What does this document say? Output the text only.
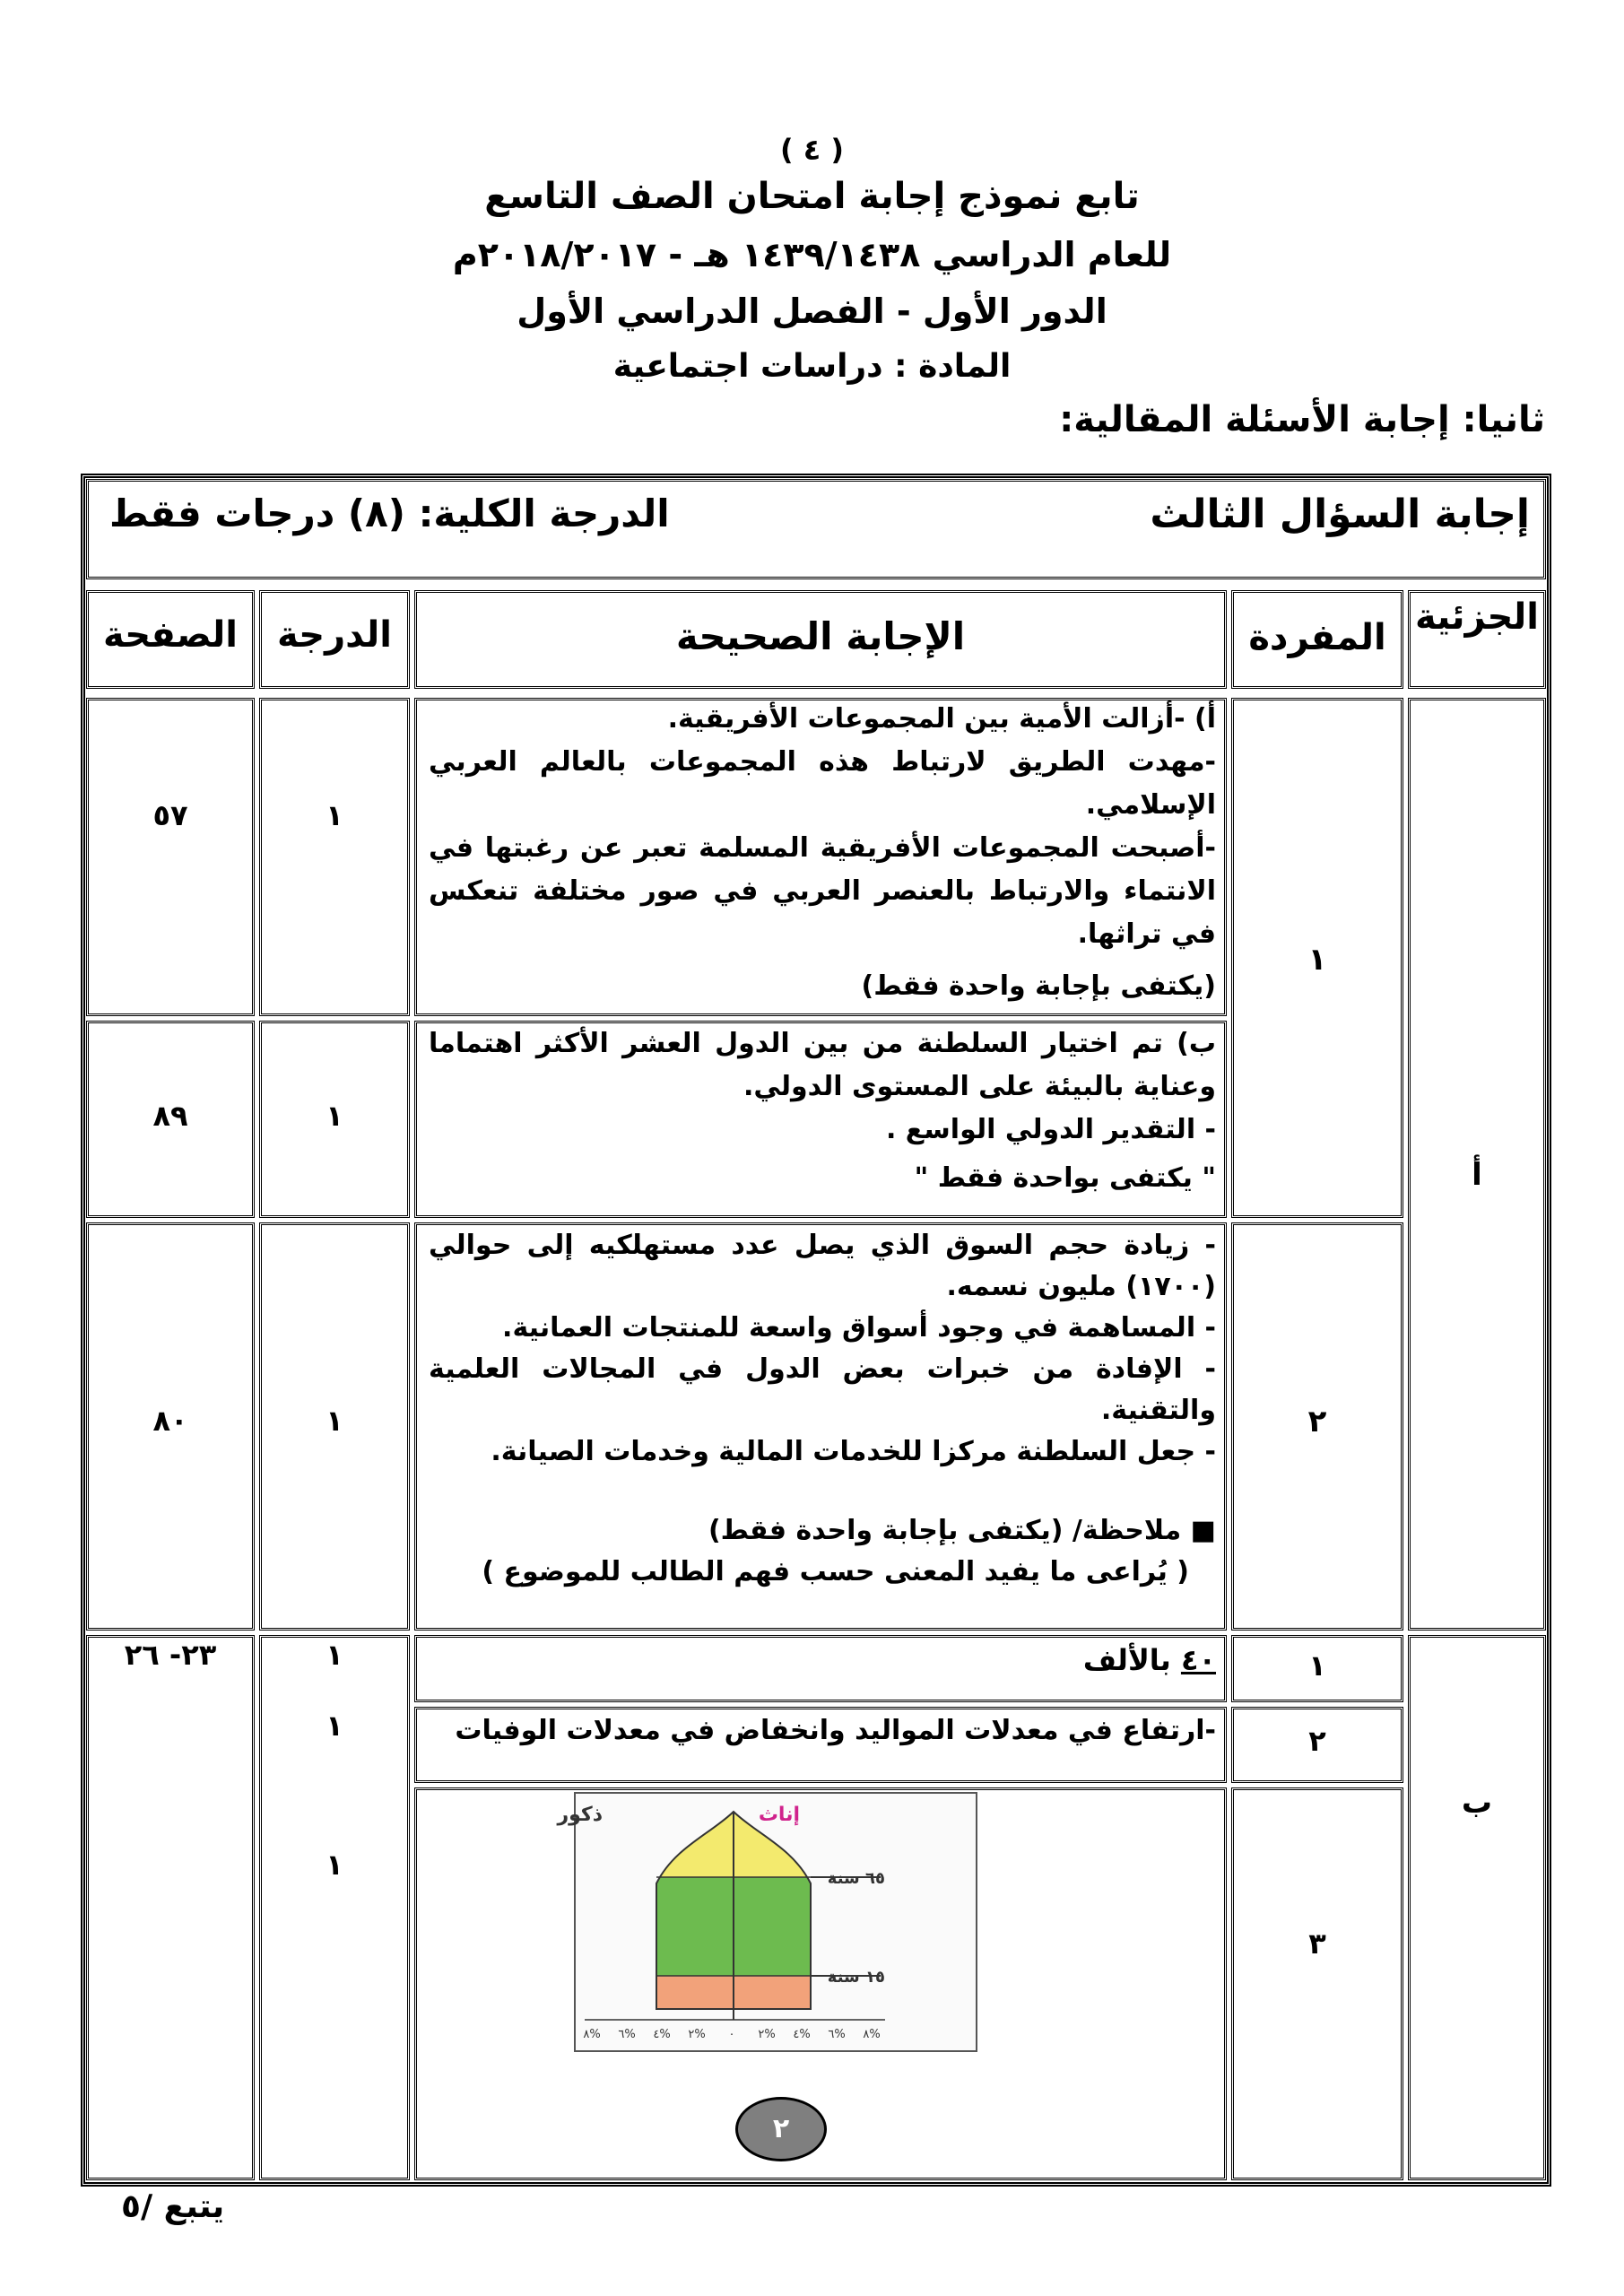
( ٤ )
تابع نموذج إجابة امتحان الصف التاسع
للعام الدراسي ١٤٣٩/١٤٣٨ هـ - ٢٠١٨/٢٠١٧م
الدور الأول - الفصل الدراسي الأول
المادة : دراسات اجتماعية
ثانيا: إجابة الأسئلة المقالية:
إجابة السؤال الثالث
الدرجة الكلية: (٨) درجات فقط
الجزئية
المفردة
الإجابة الصحيحة
الدرجة
الصفحة
أ
١

أ) -أزالت الأمية بين المجموعات الأفريقية.

-مهدت الطريق لارتباط هذه المجموعات بالعالم العربي الإسلامي.

-أصبحت المجموعات الأفريقية المسلمة تعبر عن رغبتها في الانتماء والارتباط بالعنصر العربي في صور مختلفة تنعكس في تراثها.

(يكتفى بإجابة واحدة فقط)

١
٥٧

ب) تم اختيار السلطنة من بين الدول العشر الأكثر اهتماما وعناية بالبيئة على المستوى الدولي.

- التقدير الدولي الواسع .

" يكتفى بواحدة فقط "

١
٨٩
٢

- زيادة حجم السوق الذي يصل عدد مستهلكيه إلى حوالي (١٧٠٠) مليون نسمه.

- المساهمة في وجود أسواق واسعة للمنتجات العمانية.

- الإفادة من خبرات بعض الدول في المجالات العلمية والتقنية.

- جعل السلطنة مركزا للخدمات المالية وخدمات الصيانة.

■ ملاحظة/ (يكتفى بإجابة واحدة فقط)

( يُراعى ما يفيد المعنى حسب فهم الطالب للموضوع )

١
٨٠
ب
١
٤٠ بالألف
١
٢٣- ٢٦
٢
-ارتفاع في معدلات المواليد وانخفاض في معدلات الوفيات
١
٣
١
ذكور	إناث
٦٥ سنة
١٥ سنة
%٨ %٦ %٤ %٢ ٠ %٢ %٤ %٦ %٨
٢
يتبع /٥
